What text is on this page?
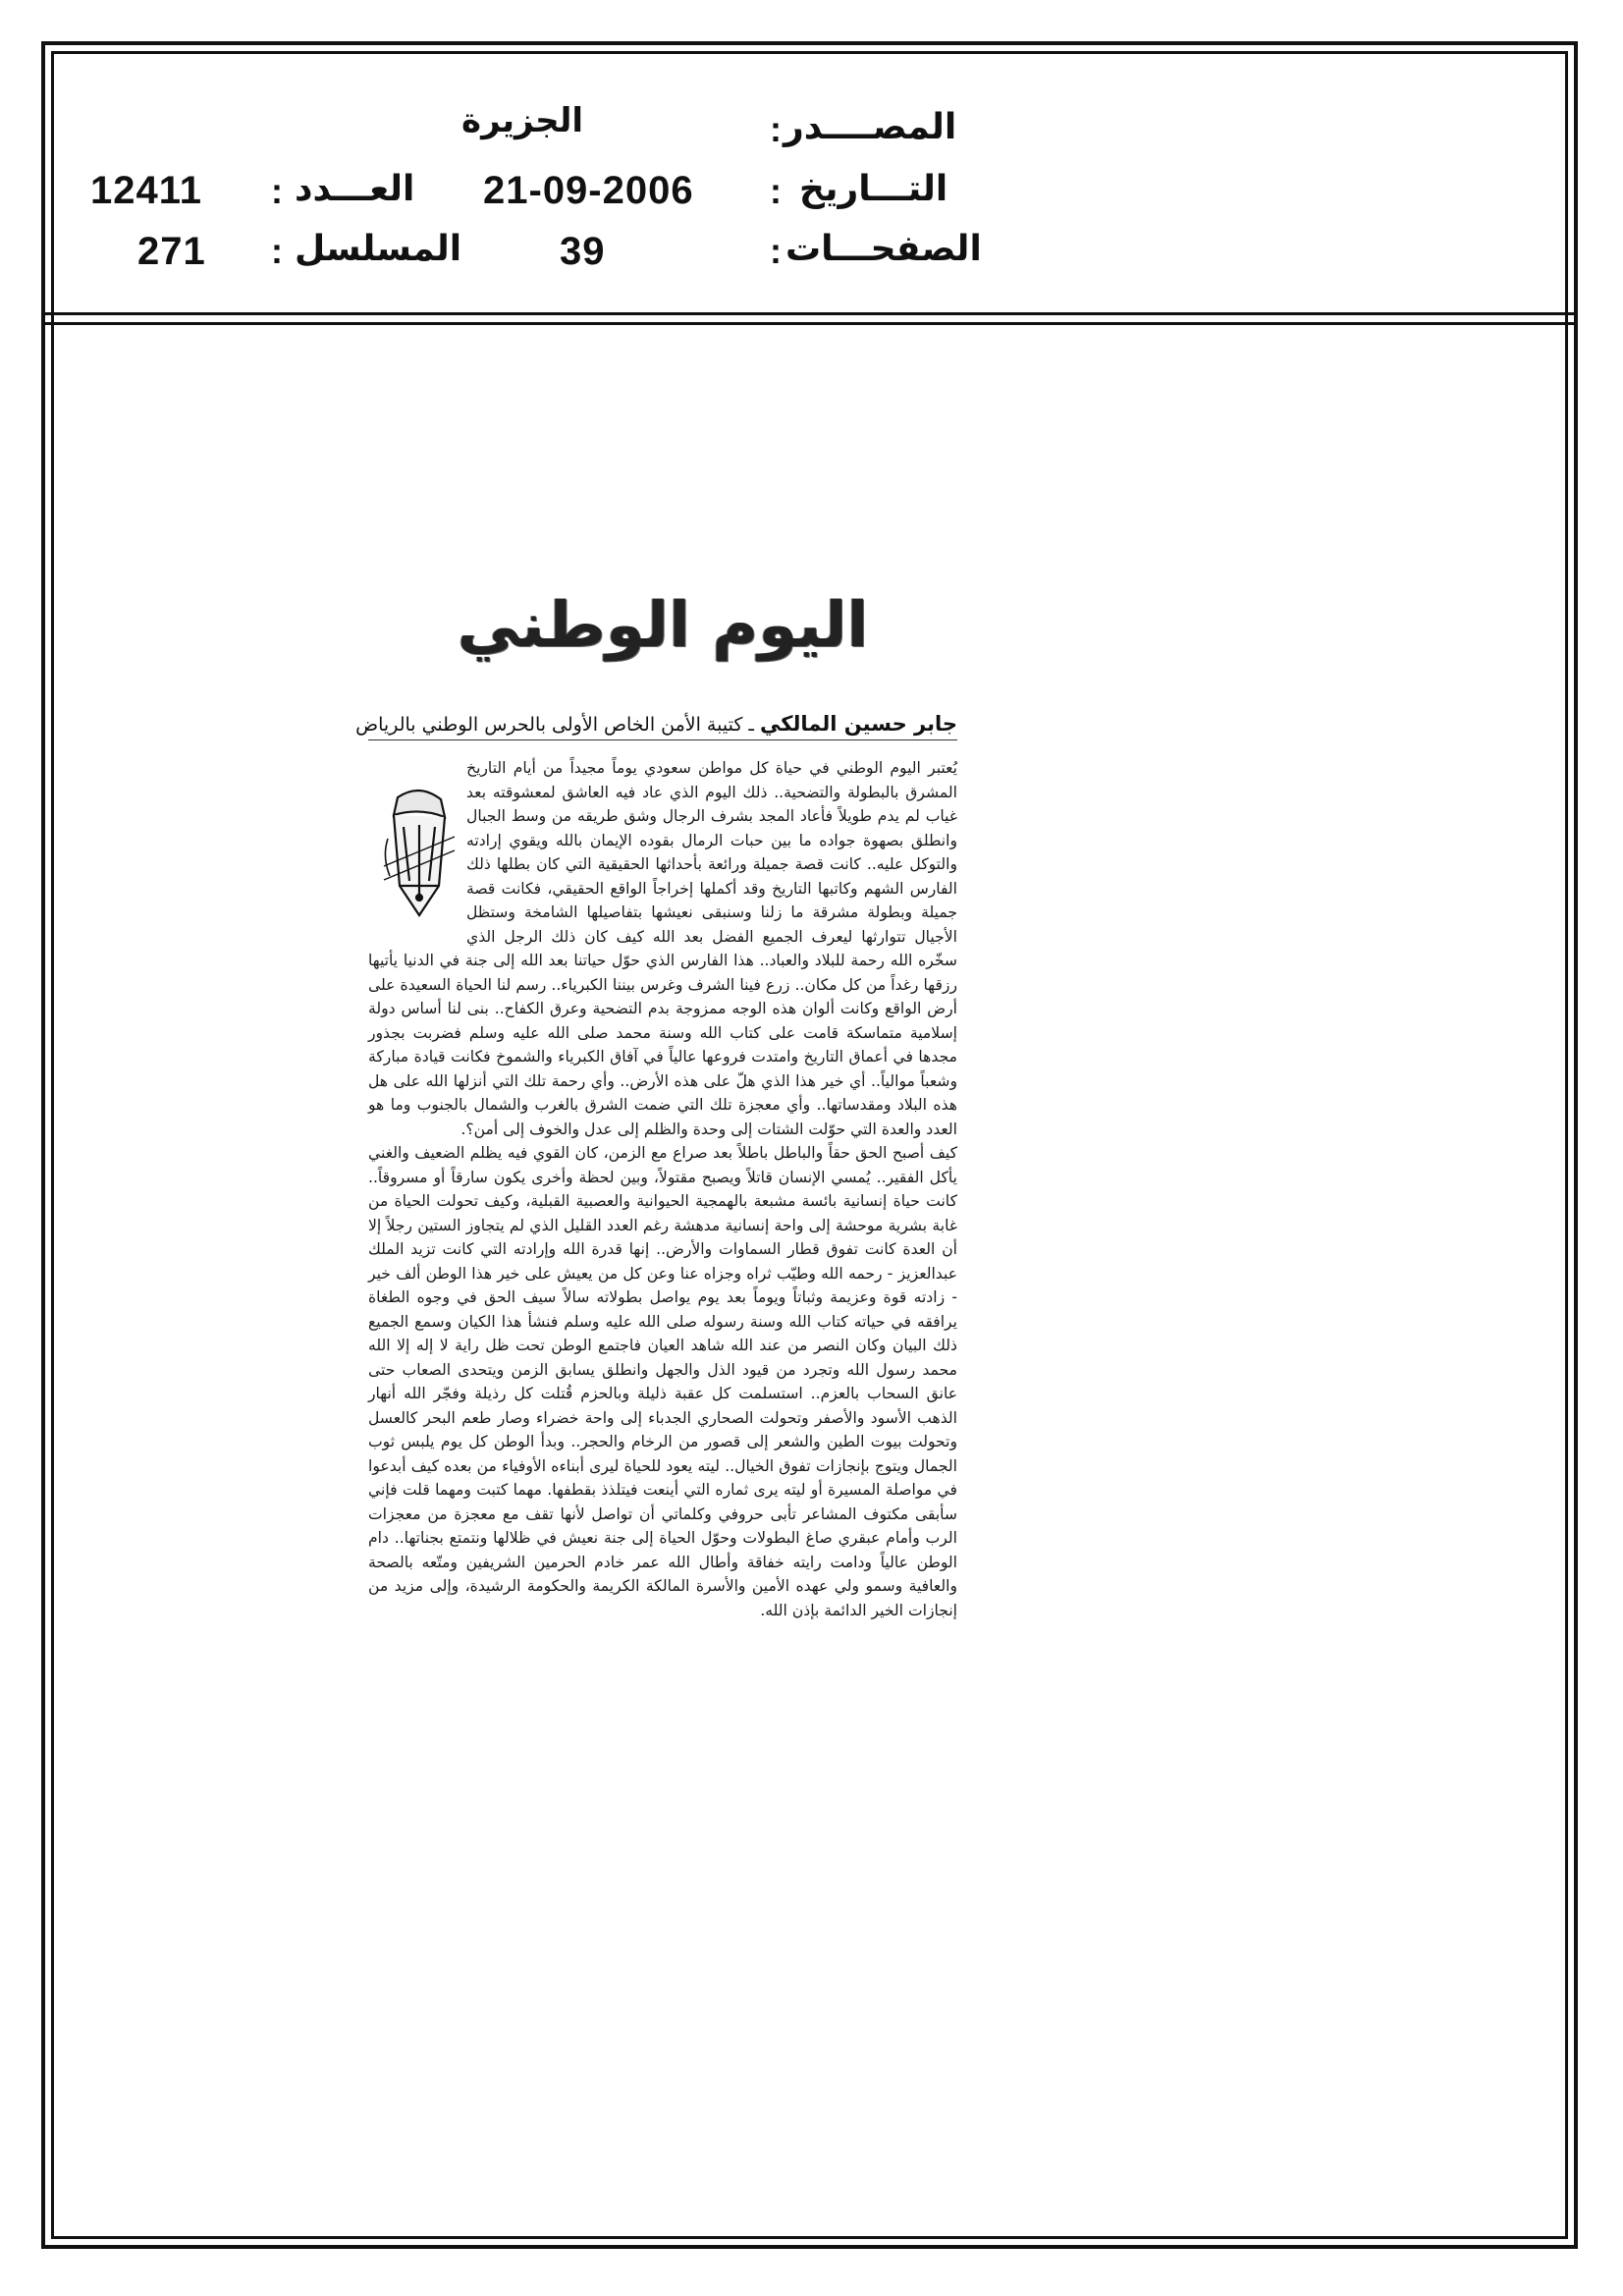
المصــــدر
:
الجزيرة
التـــاريخ
:
21-09-2006
العـــدد
:
12411
الصفحـــات
:
39
المسلسل
:
271
اليوم الوطني
جابر حسين المالكي ـ كتيبة الأمن الخاص الأولى بالحرس الوطني بالرياض

يُعتبر اليوم الوطني في حياة كل مواطن سعودي يوماً مجيداً من أيام التاريخ المشرق بالبطولة والتضحية.. ذلك اليوم الذي عاد فيه العاشق لمعشوقته بعد غياب لم يدم طويلاً فأعاد المجد بشرف الرجال وشق طريقه من وسط الجبال وانطلق بصهوة جواده ما بين حبات الرمال بقوده الإيمان بالله ويقوي إرادته والتوكل عليه.. كانت قصة جميلة ورائعة بأحداثها الحقيقية التي كان بطلها ذلك الفارس الشهم وكاتبها التاريخ وقد أكملها إخراجاً الواقع الحقيقي، فكانت قصة جميلة وبطولة مشرقة ما زلنا وسنبقى نعيشها بتفاصيلها الشامخة وستظل الأجيال تتوارثها ليعرف الجميع الفضل بعد الله كيف كان ذلك الرجل الذي سخّره الله رحمة للبلاد والعباد.. هذا الفارس الذي حوّل حياتنا بعد الله إلى جنة في الدنيا يأتيها رزقها رغداً من كل مكان.. زرع فينا الشرف وغرس بيننا الكبرياء.. رسم لنا الحياة السعيدة على أرض الواقع وكانت ألوان هذه الوجه ممزوجة بدم التضحية وعرق الكفاح.. بنى لنا أساس دولة إسلامية متماسكة قامت على كتاب الله وسنة محمد صلى الله عليه وسلم فضربت بجذور مجدها في أعماق التاريخ وامتدت فروعها عالياً في آفاق الكبرياء والشموخ فكانت قيادة مباركة وشعباً موالياً.. أي خير هذا الذي هلّ على هذه الأرض.. وأي رحمة تلك التي أنزلها الله على هل هذه البلاد ومقدساتها.. وأي معجزة تلك التي ضمت الشرق بالغرب والشمال بالجنوب وما هو العدد والعدة التي حوّلت الشتات إلى وحدة والظلم إلى عدل والخوف إلى أمن؟.

كيف أصبح الحق حقاً والباطل باطلاً بعد صراع مع الزمن، كان القوي فيه يظلم الضعيف والغني يأكل الفقير.. يُمسي الإنسان قاتلاً ويصبح مقتولاً، وبين لحظة وأخرى يكون سارقاً أو مسروقاً.. كانت حياة إنسانية بائسة مشبعة بالهمجية الحيوانية والعصبية القبلية، وكيف تحولت الحياة من غابة بشرية موحشة إلى واحة إنسانية مدهشة رغم العدد القليل الذي لم يتجاوز الستين رجلاً إلا أن العدة كانت تفوق قطار السماوات والأرض.. إنها قدرة الله وإرادته التي كانت تزيد الملك عبدالعزيز - رحمه الله وطيّب ثراه وجزاه عنا وعن كل من يعيش على خير هذا الوطن ألف خير - زادته قوة وعزيمة وثباتاً ويوماً بعد يوم يواصل بطولاته سالاً سيف الحق في وجوه الطغاة يرافقه في حياته كتاب الله وسنة رسوله صلى الله عليه وسلم فنشأ هذا الكيان وسمع الجميع ذلك البيان وكان النصر من عند الله شاهد العيان فاجتمع الوطن تحت ظل راية لا إله إلا الله محمد رسول الله وتجرد من قيود الذل والجهل وانطلق يسابق الزمن ويتحدى الصعاب حتى عانق السحاب بالعزم.. استسلمت كل عقبة ذليلة وبالحزم قُتلت كل رذيلة وفجّر الله أنهار الذهب الأسود والأصفر وتحولت الصحاري الجدباء إلى واحة خضراء وصار طعم البحر كالعسل وتحولت بيوت الطين والشعر إلى قصور من الرخام والحجر.. وبدأ الوطن كل يوم يلبس ثوب الجمال ويتوج بإنجازات تفوق الخيال.. ليته يعود للحياة ليرى أبناءه الأوفياء من بعده كيف أبدعوا في مواصلة المسيرة أو ليته يرى ثماره التي أينعت فيتلذذ بقطفها. مهما كتبت ومهما قلت فإني سأبقى مكتوف المشاعر تأبى حروفي وكلماتي أن تواصل لأنها تقف مع معجزة من معجزات الرب وأمام عبقري صاغ البطولات وحوّل الحياة إلى جنة نعيش في ظلالها ونتمتع بجناتها.. دام الوطن عالياً ودامت رايته خفاقة وأطال الله عمر خادم الحرمين الشريفين ومتّعه بالصحة والعافية وسمو ولي عهده الأمين والأسرة المالكة الكريمة والحكومة الرشيدة، وإلى مزيد من إنجازات الخير الدائمة بإذن الله.
